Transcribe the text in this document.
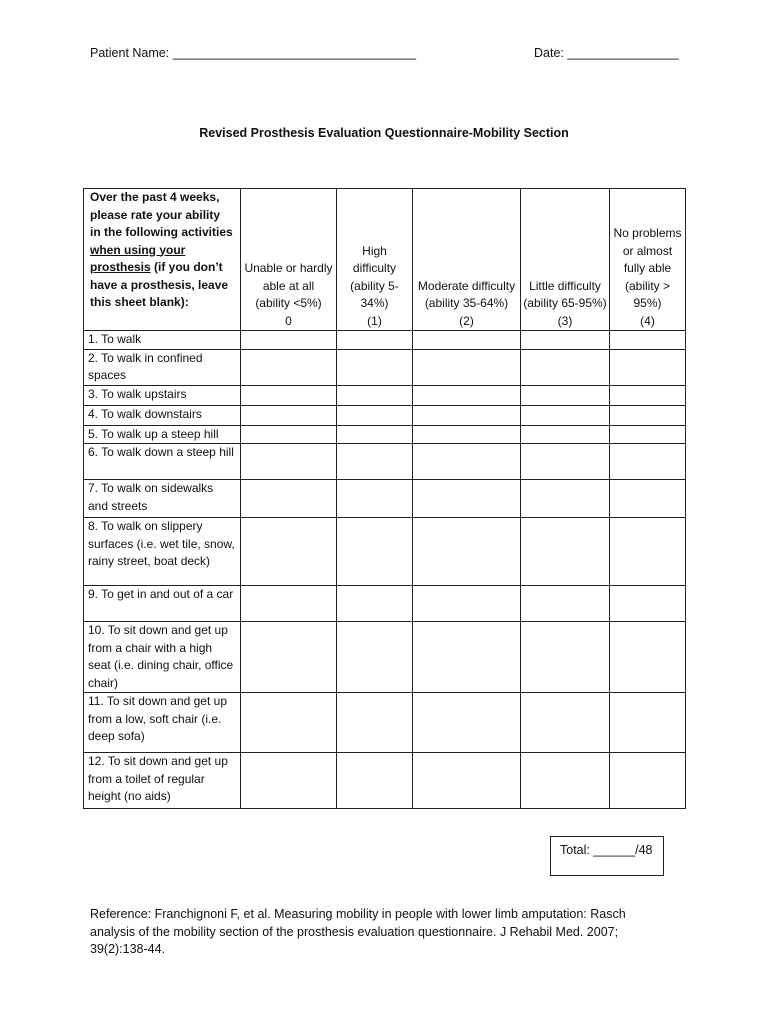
Patient Name: ___________________________________	Date: ________________
Revised Prosthesis Evaluation Questionnaire-Mobility Section
Over the past 4 weeks, please rate your ability in the following activities when using your prosthesis (if you don’t have a prosthesis, leave this sheet blank):	Unable or hardly able at all
(ability <5%)
0	High difficulty
(ability 5-34%)
(1)	Moderate difficulty
(ability 35-64%)
(2)	Little difficulty
(ability 65-95%)
(3)	No problems or almost fully able
(ability > 95%)
(4)

1. To walk					
2. To walk in confined spaces					
3. To walk upstairs					
4. To walk downstairs					
5. To walk up a steep hill					
6. To walk down a steep hill					
7. To walk on sidewalks and streets					
8. To walk on slippery surfaces (i.e. wet tile, snow, rainy street, boat deck)					
9. To get in and out of a car					
10. To sit down and get up from a chair with a high seat (i.e. dining chair, office chair)					
11. To sit down and get up from a low, soft chair (i.e. deep sofa)					
12. To sit down and get up from a toilet of regular height (no aids)					
Total: ______/48
Reference: Franchignoni F, et al. Measuring mobility in people with lower limb amputation: Rasch analysis of the mobility section of the prosthesis evaluation questionnaire. J Rehabil Med. 2007; 39(2):138-44.
